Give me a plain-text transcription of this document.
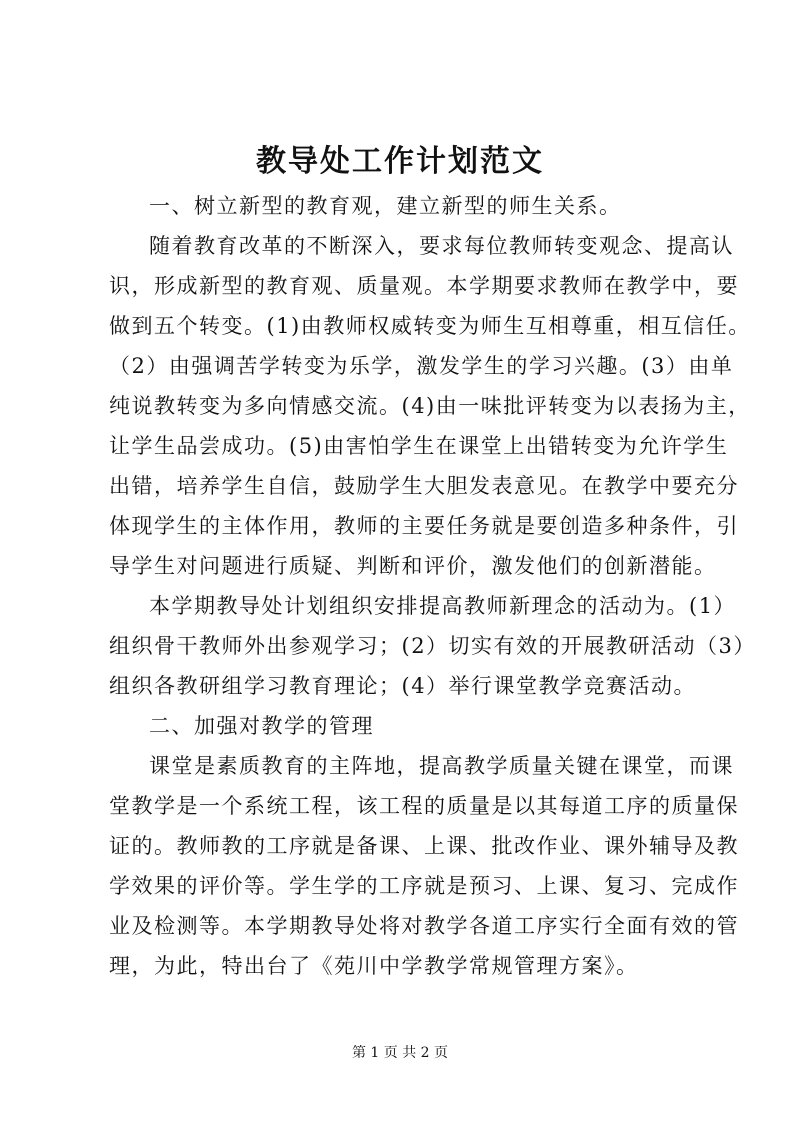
教导处工作计划范文

一、树立新型的教育观，建立新型的师生关系。

随着教育改革的不断深入，要求每位教师转变观念、提高认

识，形成新型的教育观、质量观。本学期要求教师在教学中，要

做到五个转变。(1)由教师权威转变为师生互相尊重，相互信任。

（2）由强调苦学转变为乐学，激发学生的学习兴趣。(3）由单

纯说教转变为多向情感交流。(4)由一味批评转变为以表扬为主，

让学生品尝成功。(5)由害怕学生在课堂上出错转变为允许学生

出错，培养学生自信，鼓励学生大胆发表意见。在教学中要充分

体现学生的主体作用，教师的主要任务就是要创造多种条件，引

导学生对问题进行质疑、判断和评价，激发他们的创新潜能。

本学期教导处计划组织安排提高教师新理念的活动为。(1）

组织骨干教师外出参观学习；(2）切实有效的开展教研活动（3）

组织各教研组学习教育理论；(4）举行课堂教学竞赛活动。

二、加强对教学的管理

课堂是素质教育的主阵地，提高教学质量关键在课堂，而课

堂教学是一个系统工程，该工程的质量是以其每道工序的质量保

证的。教师教的工序就是备课、上课、批改作业、课外辅导及教

学效果的评价等。学生学的工序就是预习、上课、复习、完成作

业及检测等。本学期教导处将对教学各道工序实行全面有效的管

理，为此，特出台了《苑川中学教学常规管理方案》。

第 1 页 共 2 页
